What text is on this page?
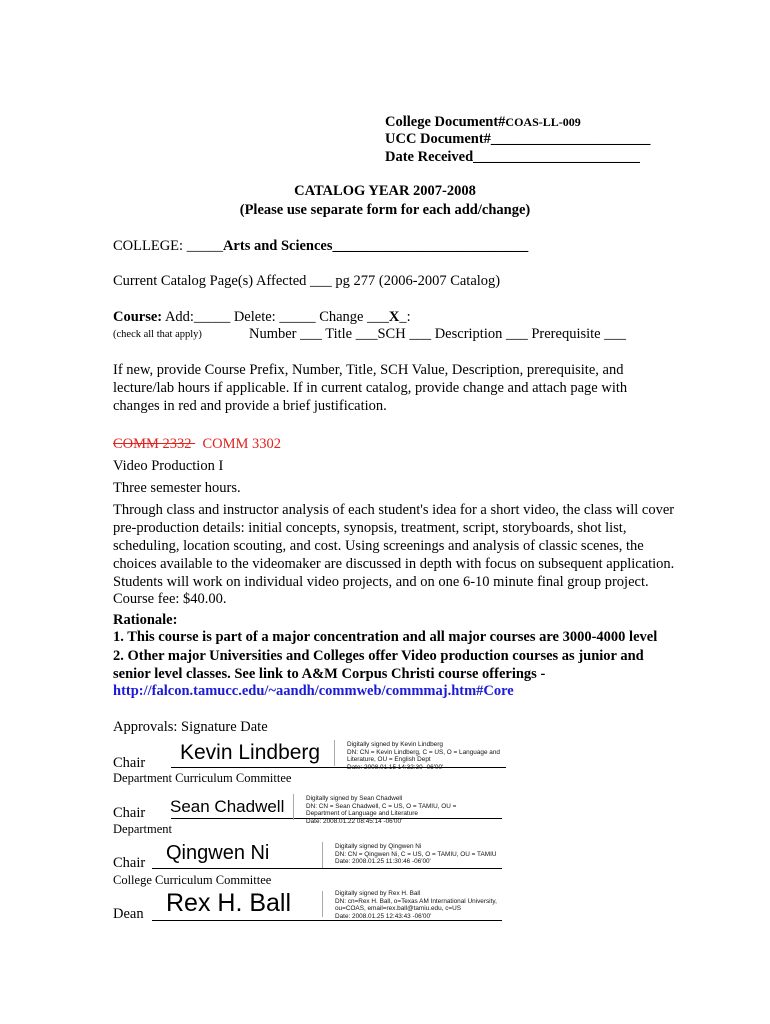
College Document#COAS-LL-009
UCC Document#______________________
Date Received_______________________
CATALOG YEAR 2007-2008
(Please use separate form for each add/change)
COLLEGE: _____Arts and Sciences___________________________
Current Catalog Page(s) Affected ___ pg 277 (2006-2007 Catalog)
Course: Add:_____ Delete: _____ Change ___X_:
(check all that apply)	Number ___ Title ___SCH ___ Description ___ Prerequisite ___
If new, provide Course Prefix, Number, Title, SCH Value, Description, prerequisite, and lecture/lab hours if applicable. If in current catalog, provide change and attach page with changes in red and provide a brief justification.
COMM 2332   COMM 3302
Video Production I
Three semester hours.
Through class and instructor analysis of each student's idea for a short video, the class will cover pre-production details: initial concepts, synopsis, treatment, script, storyboards, shot list, scheduling, location scouting, and cost. Using screenings and analysis of classic scenes, the choices available to the videomaker are discussed in depth with focus on subsequent application. Students will work on individual video projects, and on one 6-10 minute final group project.
Course fee: $40.00.
Rationale:
1. This course is part of a major concentration and all major courses are 3000-4000 level
2. Other major Universities and Colleges offer Video production courses as junior and senior level classes. See link to A&M Corpus Christi course offerings -
http://falcon.tamucc.edu/~aandh/commweb/commmaj.htm#Core
Approvals: Signature Date
Chair Kevin Lindberg	Digitally signed by Kevin Lindberg
DN: CN = Kevin Lindberg, C = US, O = Language and
Literature, OU = English Dept
Date: 2008.01.15 14:32:30 -06'00'
Department Curriculum Committee
Chair Sean Chadwell	Digitally signed by Sean Chadwell
DN: CN = Sean Chadwell, C = US, O = TAMIU, OU =
Department of Language and Literature
Date: 2008.01.22 08:45:14 -06'00'
Department
Chair Qingwen Ni	Digitally signed by Qingwen Ni
DN: CN = Qingwen Ni, C = US, O = TAMIU, OU = TAMIU
Date: 2008.01.25 11:30:46 -06'00'
College Curriculum Committee
Dean Rex H. Ball	Digitally signed by Rex H. Ball
DN: cn=Rex H. Ball, o=Texas AM International University,
ou=COAS, email=rex.ball@tamiu.edu, c=US
Date: 2008.01.25 12:43:43 -06'00'
